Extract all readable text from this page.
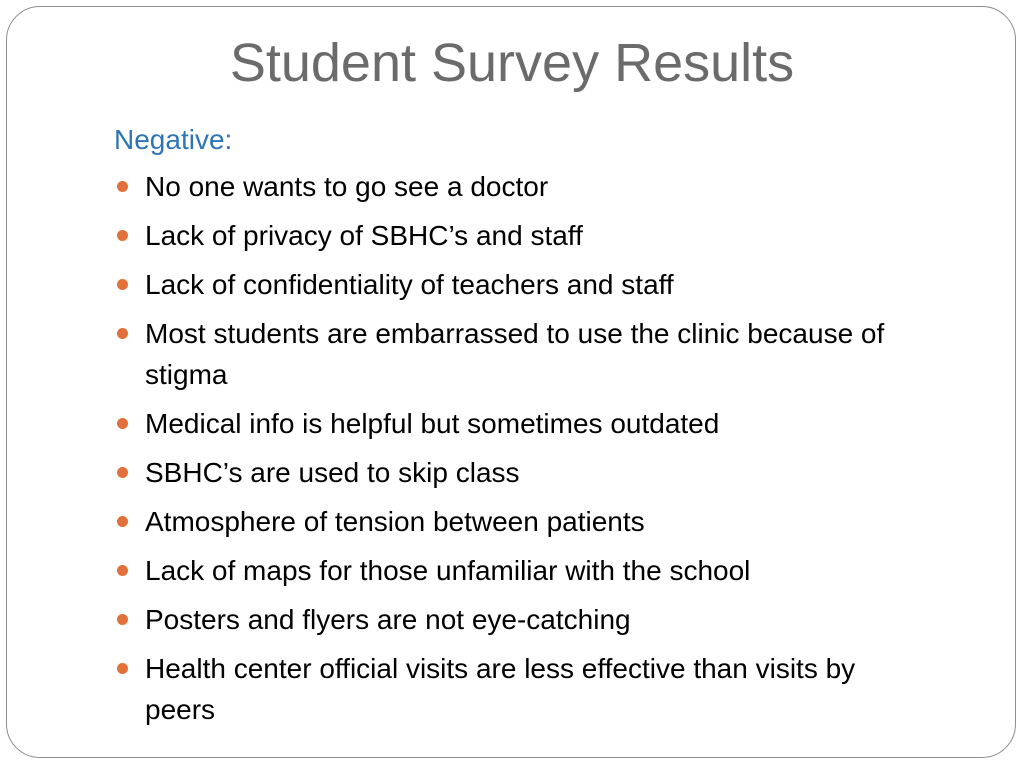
Student Survey Results
Negative:
No one wants to go see a doctor
Lack of privacy of SBHC’s and staff
Lack of confidentiality of teachers and staff
Most students are embarrassed to use the clinic because of stigma
Medical info is helpful but sometimes outdated
SBHC’s are used to skip class
Atmosphere of tension between patients
Lack of maps for those unfamiliar with the school
Posters and flyers are not eye-catching
Health center official visits are less effective than visits by peers
